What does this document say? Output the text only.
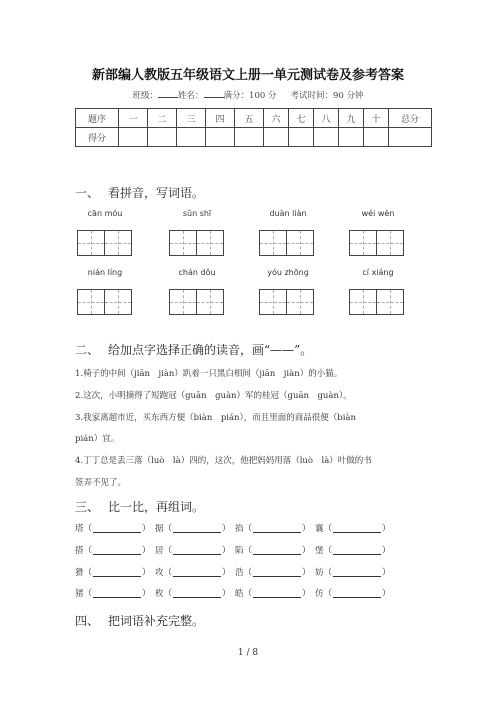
新部编人教版五年级语文上册一单元测试卷及参考答案
班级： 姓名： 满分：100 分 考试时间：90 分钟
题序	一	二	三	四	五	六	七	八	九	十	总分
得分											
一、 看拼音，写词语。
cān móu	sǔn shī	duàn liàn	wéi wèn
nián líng	chán dǒu	yóu zhōng	cí xiáng
二、 给加点字选择正确的读音，画“——”。
1.椅子的中间（jiān　jiàn）趴着一只黑白相间（jiān　jiàn）的小猫。
2.这次，小明摘得了短跑冠（guān　guàn）军的桂冠（guān　guàn）。
3.我家离超市近，买东西方便（biàn　pián），而且里面的商品很便（biàn
pián）宜。
4.丁丁总是丢三落（luò　là）四的，这次，他把妈妈用落（luò　là）叶做的书
签弄不见了。
三、 比一比，再组词。
塔 （	） 据 （	） 掐 （	） 襄 （	）
搭 （	） 居 （	） 陷 （	） 堡 （	）
猾 （	） 攻 （	） 浩 （	） 妨 （	）
猪 （	） 枚 （	） 皓 （	） 仿 （	）
四、 把词语补充完整。
1 / 8
